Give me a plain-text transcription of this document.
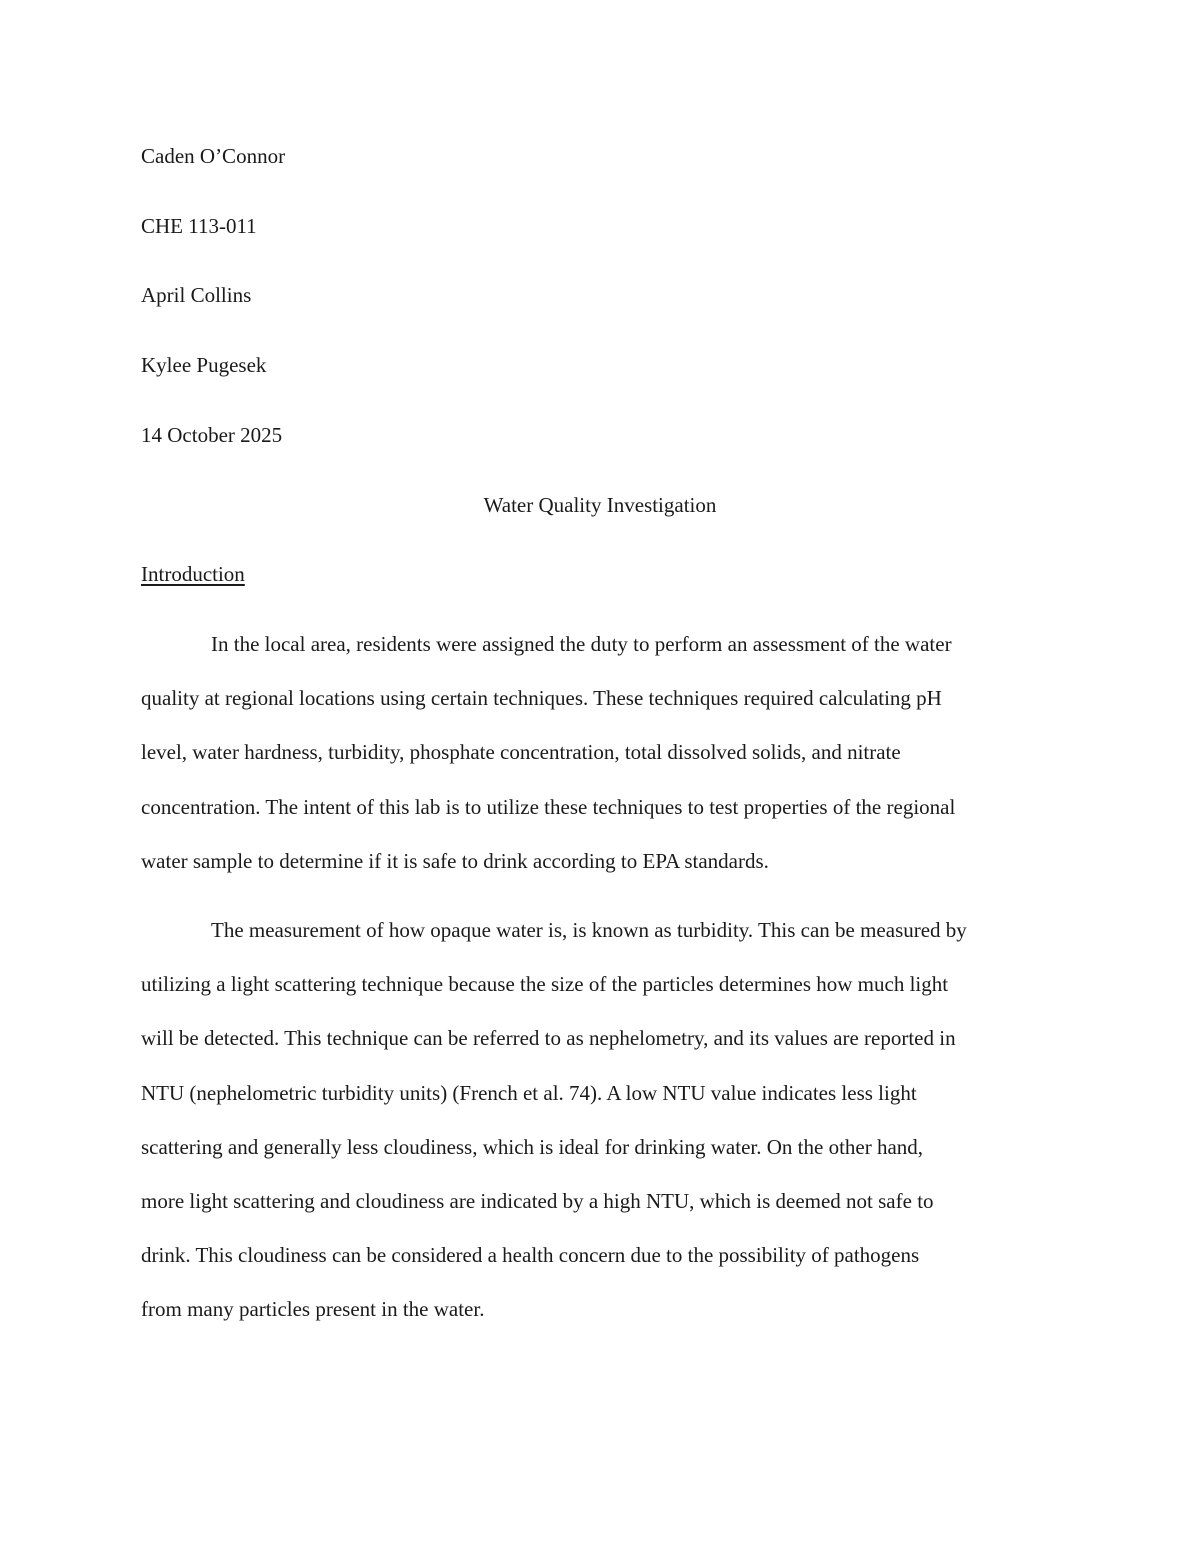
Caden O’Connor
CHE 113-011
April Collins
Kylee Pugesek
14 October 2025
Water Quality Investigation
Introduction
In the local area, residents were assigned the duty to perform an assessment of the water
quality at regional locations using certain techniques. These techniques required calculating pH
level, water hardness, turbidity, phosphate concentration, total dissolved solids, and nitrate
concentration. The intent of this lab is to utilize these techniques to test properties of the regional
water sample to determine if it is safe to drink according to EPA standards.
The measurement of how opaque water is, is known as turbidity. This can be measured by
utilizing a light scattering technique because the size of the particles determines how much light
will be detected. This technique can be referred to as nephelometry, and its values are reported in
NTU (nephelometric turbidity units) (French et al. 74). A low NTU value indicates less light
scattering and generally less cloudiness, which is ideal for drinking water. On the other hand,
more light scattering and cloudiness are indicated by a high NTU, which is deemed not safe to
drink. This cloudiness can be considered a health concern due to the possibility of pathogens
from many particles present in the water.
